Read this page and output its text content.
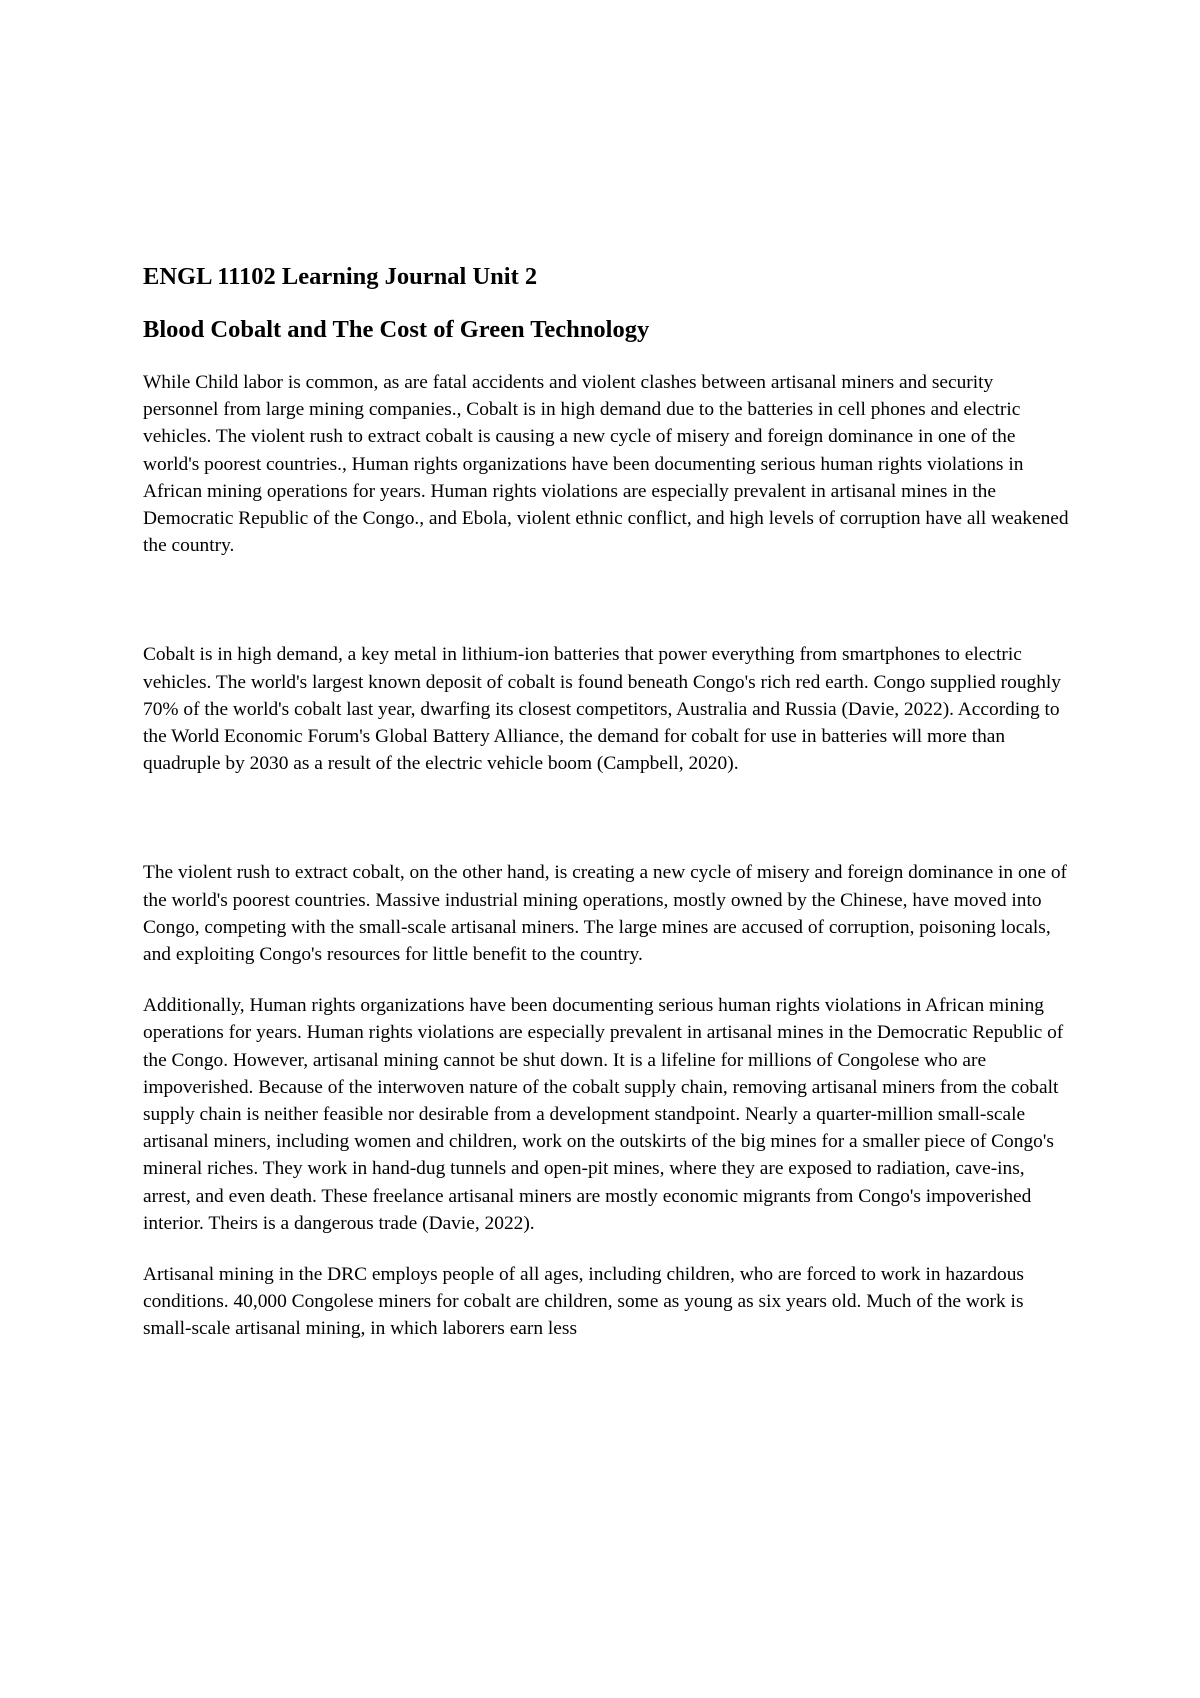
ENGL 11102 Learning Journal Unit 2
Blood Cobalt and The Cost of Green Technology

While Child labor is common, as are fatal accidents and violent clashes between artisanal miners and security personnel from large mining companies., Cobalt is in high demand due to the batteries in cell phones and electric vehicles. The violent rush to extract cobalt is causing a new cycle of misery and foreign dominance in one of the world's poorest countries., Human rights organizations have been documenting serious human rights violations in African mining operations for years. Human rights violations are especially prevalent in artisanal mines in the Democratic Republic of the Congo., and Ebola, violent ethnic conflict, and high levels of corruption have all weakened the country.

Cobalt is in high demand, a key metal in lithium-ion batteries that power everything from smartphones to electric vehicles. The world's largest known deposit of cobalt is found beneath Congo's rich red earth. Congo supplied roughly 70% of the world's cobalt last year, dwarfing its closest competitors, Australia and Russia (Davie, 2022). According to the World Economic Forum's Global Battery Alliance, the demand for cobalt for use in batteries will more than quadruple by 2030 as a result of the electric vehicle boom (Campbell, 2020).

The violent rush to extract cobalt, on the other hand, is creating a new cycle of misery and foreign dominance in one of the world's poorest countries. Massive industrial mining operations, mostly owned by the Chinese, have moved into Congo, competing with the small-scale artisanal miners. The large mines are accused of corruption, poisoning locals, and exploiting Congo's resources for little benefit to the country.

Additionally, Human rights organizations have been documenting serious human rights violations in African mining operations for years. Human rights violations are especially prevalent in artisanal mines in the Democratic Republic of the Congo. However, artisanal mining cannot be shut down. It is a lifeline for millions of Congolese who are impoverished. Because of the interwoven nature of the cobalt supply chain, removing artisanal miners from the cobalt supply chain is neither feasible nor desirable from a development standpoint. Nearly a quarter-million small-scale artisanal miners, including women and children, work on the outskirts of the big mines for a smaller piece of Congo's mineral riches. They work in hand-dug tunnels and open-pit mines, where they are exposed to radiation, cave-ins, arrest, and even death. These freelance artisanal miners are mostly economic migrants from Congo's impoverished interior. Theirs is a dangerous trade (Davie, 2022).

Artisanal mining in the DRC employs people of all ages, including children, who are forced to work in hazardous conditions. 40,000 Congolese miners for cobalt are children, some as young as six years old. Much of the work is small-scale artisanal mining, in which laborers earn less
